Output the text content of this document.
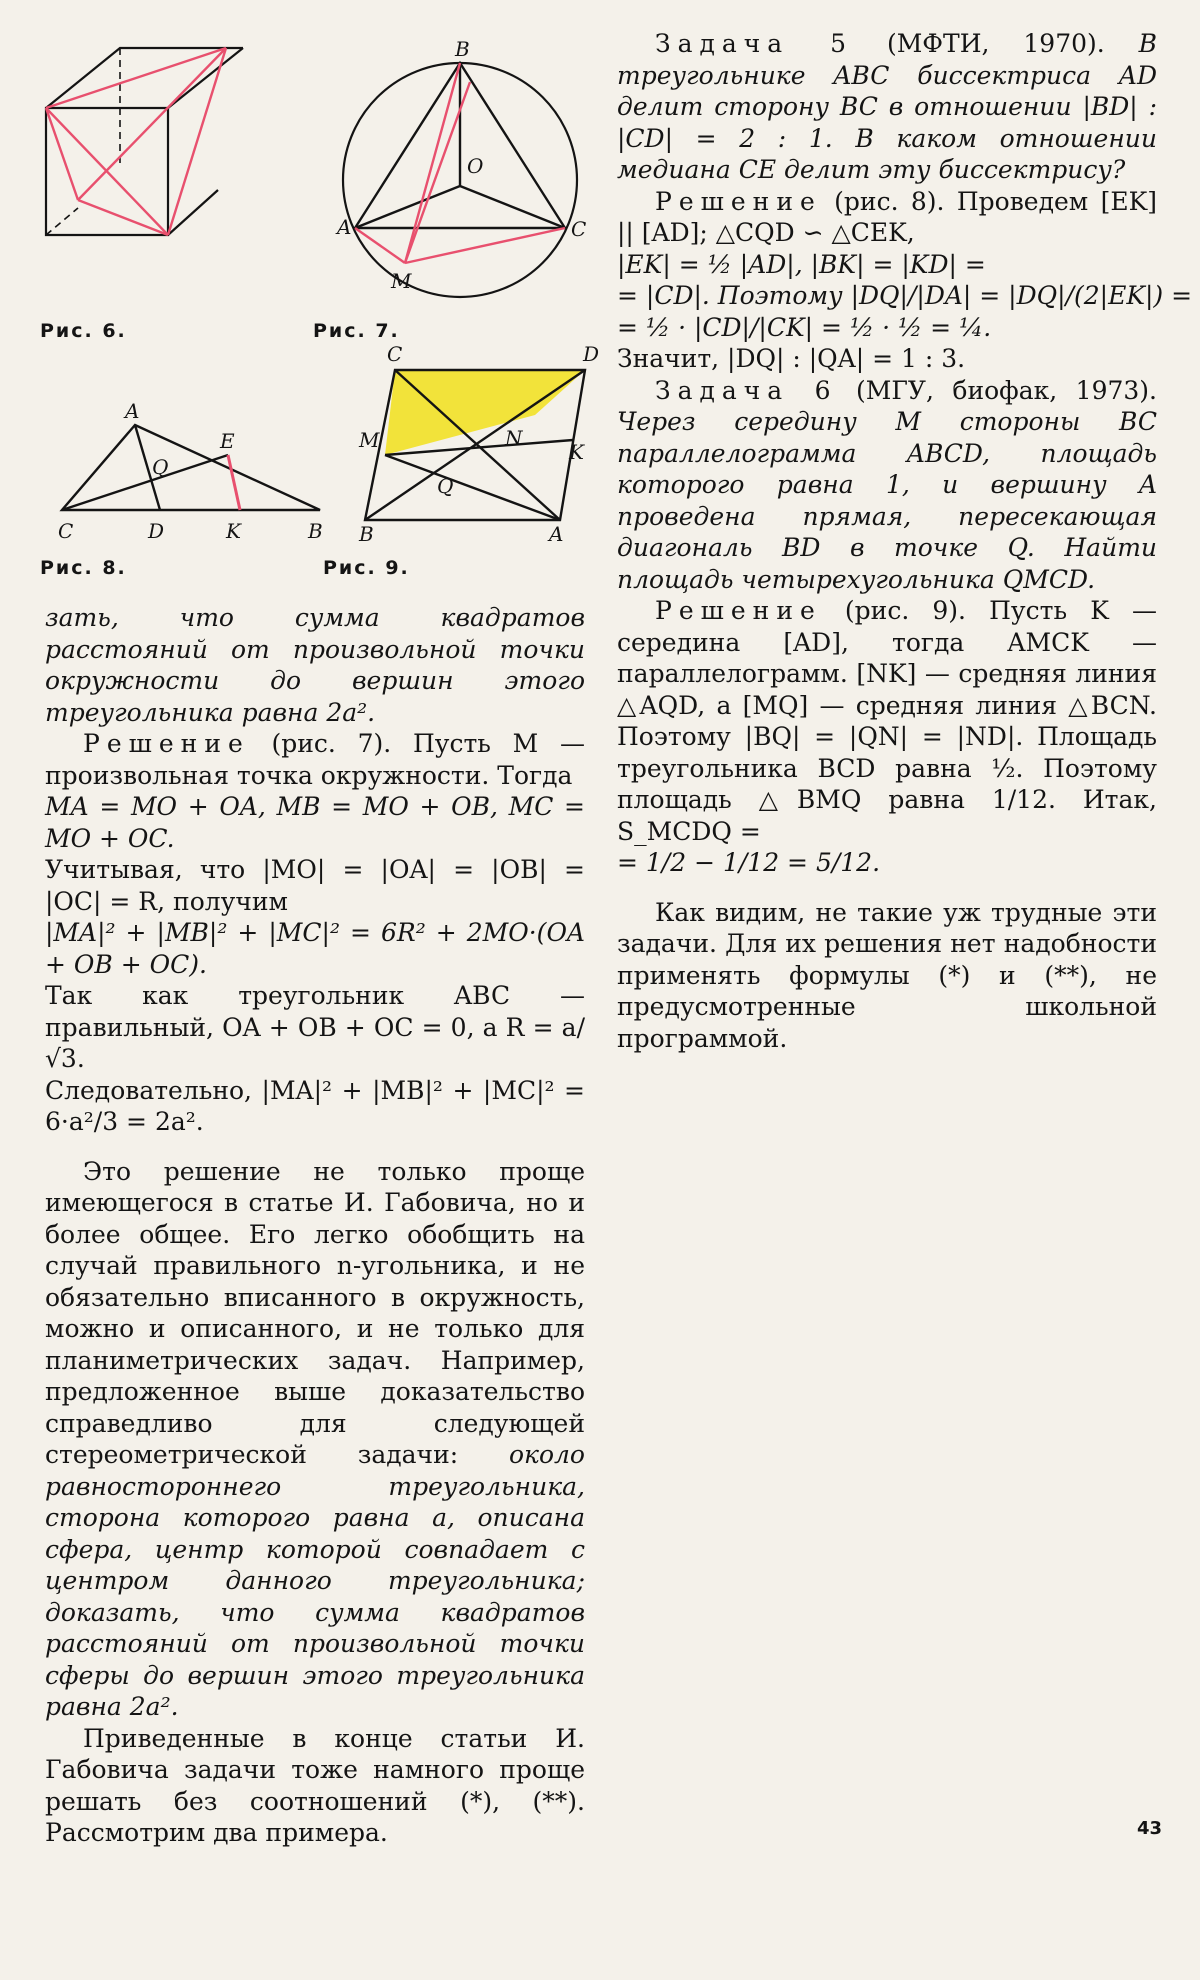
Рис. 6.
B
O
A	C
M
Рис. 7.
A
E
Q
C	D	K	B
Рис. 8.
C	D
M	N
K
Q
B	A
Рис. 9.

зать, что сумма квадратов расстояний от произвольной точки окружности до вершин этого треугольника равна 2a².

Решение (рис. 7). Пусть M — произвольная точка окружности. Тогда

MA = MO + OA, MB = MO + OB, MC = MO + OC.

Учитывая, что |MO| = |OA| = |OB| = |OC| = R, получим

|MA|² + |MB|² + |MC|² = 6R² + 2MO·(OA + OB + OC).

Так как треугольник ABC — правильный, OA + OB + OC = 0, а R = a/√3.

Следовательно, |MA|² + |MB|² + |MC|² = 6·a²/3 = 2a².

Это решение не только проще имеющегося в статье И. Габовича, но и более общее. Его легко обобщить на случай правильного n-угольника, и не обязательно вписанного в окружность, можно и описанного, и не только для планиметрических задач. Например, предложенное выше доказательство справедливо для следующей стереометрической задачи: около равностороннего треугольника, сторона которого равна a, описана сфера, центр которой совпадает с центром данного треугольника; доказать, что сумма квадратов расстояний от произвольной точки сферы до вершин этого треугольника равна 2a².

Приведенные в конце статьи И. Габовича задачи тоже намного проще решать без соотношений (*), (**). Рассмотрим два примера.

Задача 5 (МФТИ, 1970). В треугольнике ABC биссектриса AD делит сторону BC в отношении |BD| : |CD| = 2 : 1. В каком отношении медиана CE делит эту биссектрису?

Решение (рис. 8). Проведем [EK] || [AD]; △CQD ∽ △CEK,

|EK| = ½ |AD|, |BK| = |KD| =

= |CD|. Поэтому |DQ|/|DA| = |DQ|/(2|EK|) =

= ½ · |CD|/|CK| = ½ · ½ = ¼.

Значит, |DQ| : |QA| = 1 : 3.

Задача 6 (МГУ, биофак, 1973). Через середину M стороны BC параллелограмма ABCD, площадь которого равна 1, и вершину A проведена прямая, пересекающая диагональ BD в точке Q. Найти площадь четырехугольника QMCD.

Решение (рис. 9). Пусть K — середина [AD], тогда AMCK — параллелограмм. [NK] — средняя линия △AQD, а [MQ] — средняя линия △BCN. Поэтому |BQ| = |QN| = |ND|. Площадь треугольника BCD равна ½. Поэтому площадь △BMQ равна 1/12. Итак, S_MCDQ =

= 1/2 − 1/12 = 5/12.

Как видим, не такие уж трудные эти задачи. Для их решения нет надобности применять формулы (*) и (**), не предусмотренные школьной программой.

43
